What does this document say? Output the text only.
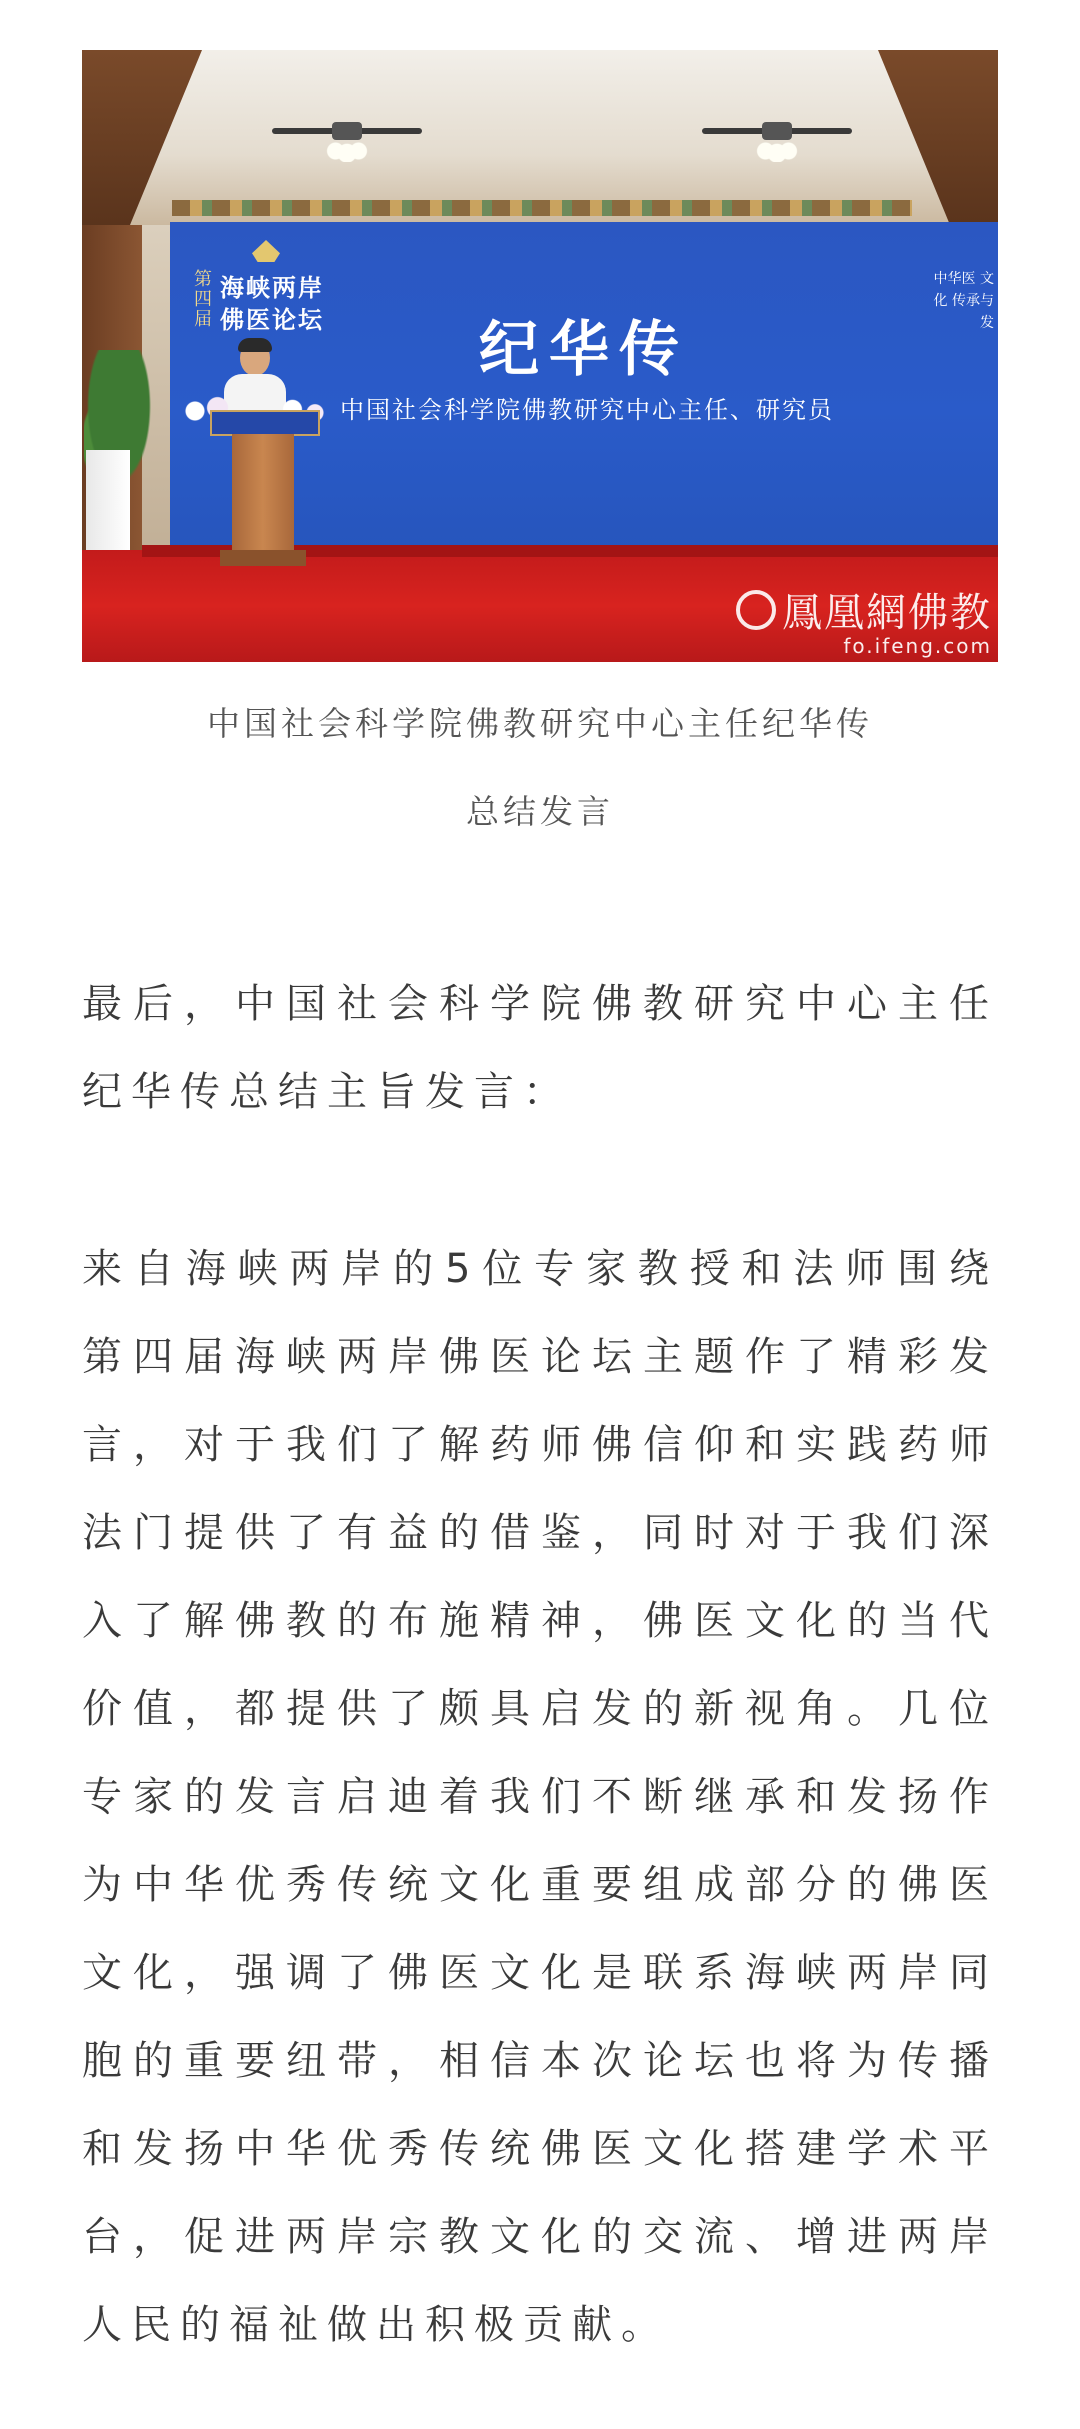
第四届
海峡两岸 佛医论坛	纪华传
中国社会科学院佛教研究中心主任、研究员
中华医 文化 传承与发
鳳凰網佛教
fo.ifeng.com
中国社会科学院佛教研究中心主任纪华传
总结发言

最后，中国社会科学院佛教研究中心主任纪华传总结主旨发言：

来自海峡两岸的5位专家教授和法师围绕第四届海峡两岸佛医论坛主题作了精彩发言，对于我们了解药师佛信仰和实践药师法门提供了有益的借鉴，同时对于我们深入了解佛教的布施精神，佛医文化的当代价值，都提供了颇具启发的新视角。几位专家的发言启迪着我们不断继承和发扬作为中华优秀传统文化重要组成部分的佛医文化，强调了佛医文化是联系海峡两岸同胞的重要纽带，相信本次论坛也将为传播和发扬中华优秀传统佛医文化搭建学术平台，促进两岸宗教文化的交流、增进两岸人民的福祉做出积极贡献。
